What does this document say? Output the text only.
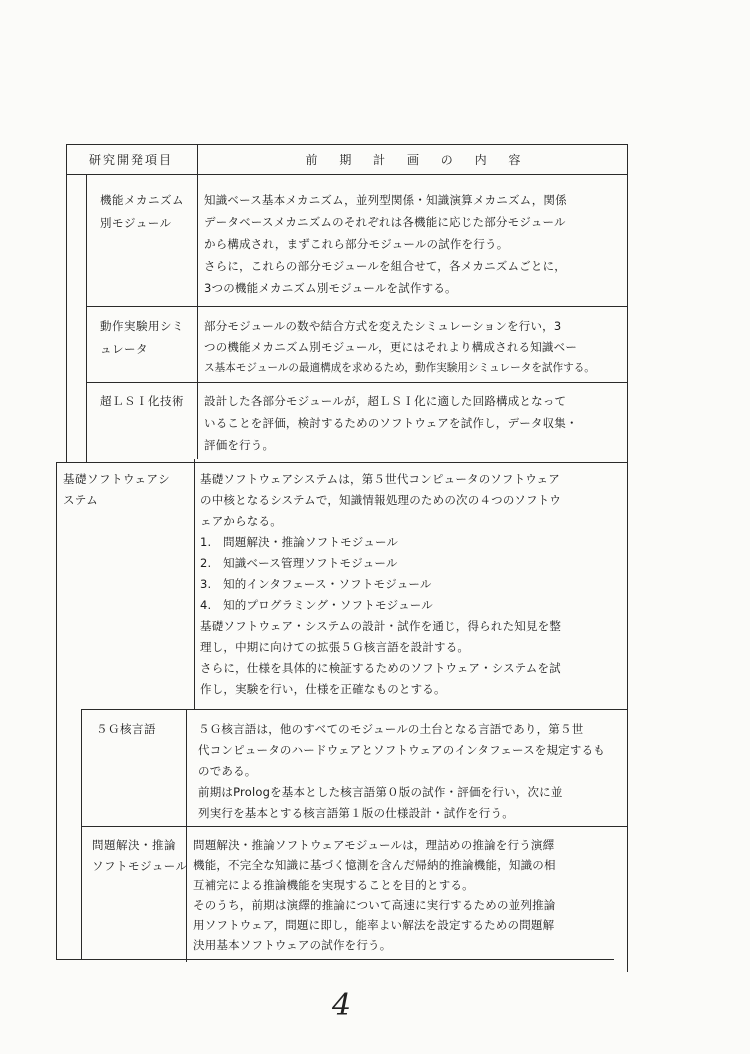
研究開発項目	前 期 計 画 の 内 容
機能メカニズム
別モジュール
知識ベース基本メカニズム，並列型関係・知識演算メカニズム，関係
データベースメカニズムのそれぞれは各機能に応じた部分モジュール
から構成され，まずこれら部分モジュールの試作を行う。
さらに，これらの部分モジュールを組合せて，各メカニズムごとに，
3つの機能メカニズム別モジュールを試作する。
動作実験用シミ
ュレータ
部分モジュールの数や結合方式を変えたシミュレーションを行い，3
つの機能メカニズム別モジュール，更にはそれより構成される知識ベー
ス基本モジュールの最適構成を求めるため，動作実験用シミュレータを試作する。
超ＬＳＩ化技術 設計した各部分モジュールが，超ＬＳＩ化に適した回路構成となって
いることを評価，検討するためのソフトウェアを試作し，データ収集・
評価を行う。
基礎ソフトウェアシ
ステム
基礎ソフトウェアシステムは，第５世代コンピュータのソフトウェア
の中核となるシステムで，知識情報処理のための次の４つのソフトウ
ェアからなる。
1.　問題解決・推論ソフトモジュール
2.　知識ベース管理ソフトモジュール
3.　知的インタフェース・ソフトモジュール
4.　知的プログラミング・ソフトモジュール
基礎ソフトウェア・システムの設計・試作を通じ，得られた知見を整
理し，中期に向けての拡張５Ｇ核言語を設計する。
さらに，仕様を具体的に検証するためのソフトウェア・システムを試
作し，実験を行い，仕様を正確なものとする。
５Ｇ核言語	５Ｇ核言語は，他のすべてのモジュールの土台となる言語であり，第５世
代コンピュータのハードウェアとソフトウェアのインタフェースを規定するも
のである。
前期はPrologを基本とした核言語第０版の試作・評価を行い，次に並
列実行を基本とする核言語第１版の仕様設計・試作を行う。
問題解決・推論
ソフトモジュール
問題解決・推論ソフトウェアモジュールは，理詰めの推論を行う演繹
機能，不完全な知識に基づく憶測を含んだ帰納的推論機能，知識の相
互補完による推論機能を実現することを目的とする。
そのうち，前期は演繹的推論について高速に実行するための並列推論
用ソフトウェア，問題に即し，能率よい解法を設定するための問題解
決用基本ソフトウェアの試作を行う。
4
